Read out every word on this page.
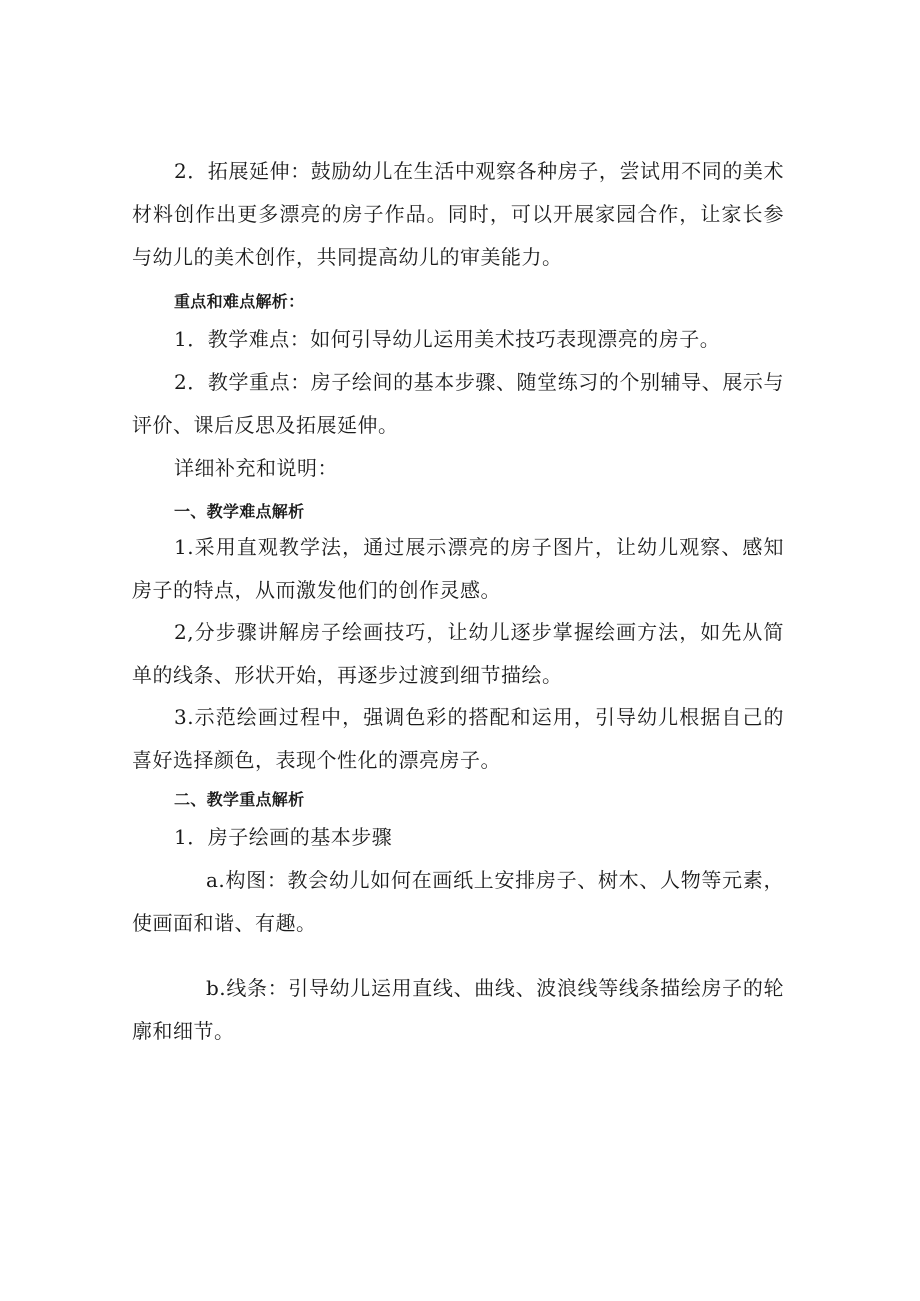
2．拓展延伸：鼓励幼儿在生活中观察各种房子，尝试用不同的美术材料创作出更多漂亮的房子作品。同时，可以开展家园合作，让家长参与幼儿的美术创作，共同提高幼儿的审美能力。

重点和难点解析：

1．教学难点：如何引导幼儿运用美术技巧表现漂亮的房子。

2．教学重点：房子绘间的基本步骤、随堂练习的个别辅导、展示与评价、课后反思及拓展延伸。

详细补充和说明：

一、教学难点解析

1.采用直观教学法，通过展示漂亮的房子图片，让幼儿观察、感知房子的特点，从而激发他们的创作灵感。

2,分步骤讲解房子绘画技巧，让幼儿逐步掌握绘画方法，如先从简单的线条、形状开始，再逐步过渡到细节描绘。

3.示范绘画过程中，强调色彩的搭配和运用，引导幼儿根据自己的喜好选择颜色，表现个性化的漂亮房子。

二、教学重点解析

1．房子绘画的基本步骤

a.构图：教会幼儿如何在画纸上安排房子、树木、人物等元素，使画面和谐、有趣。

b.线条：引导幼儿运用直线、曲线、波浪线等线条描绘房子的轮廓和细节。
